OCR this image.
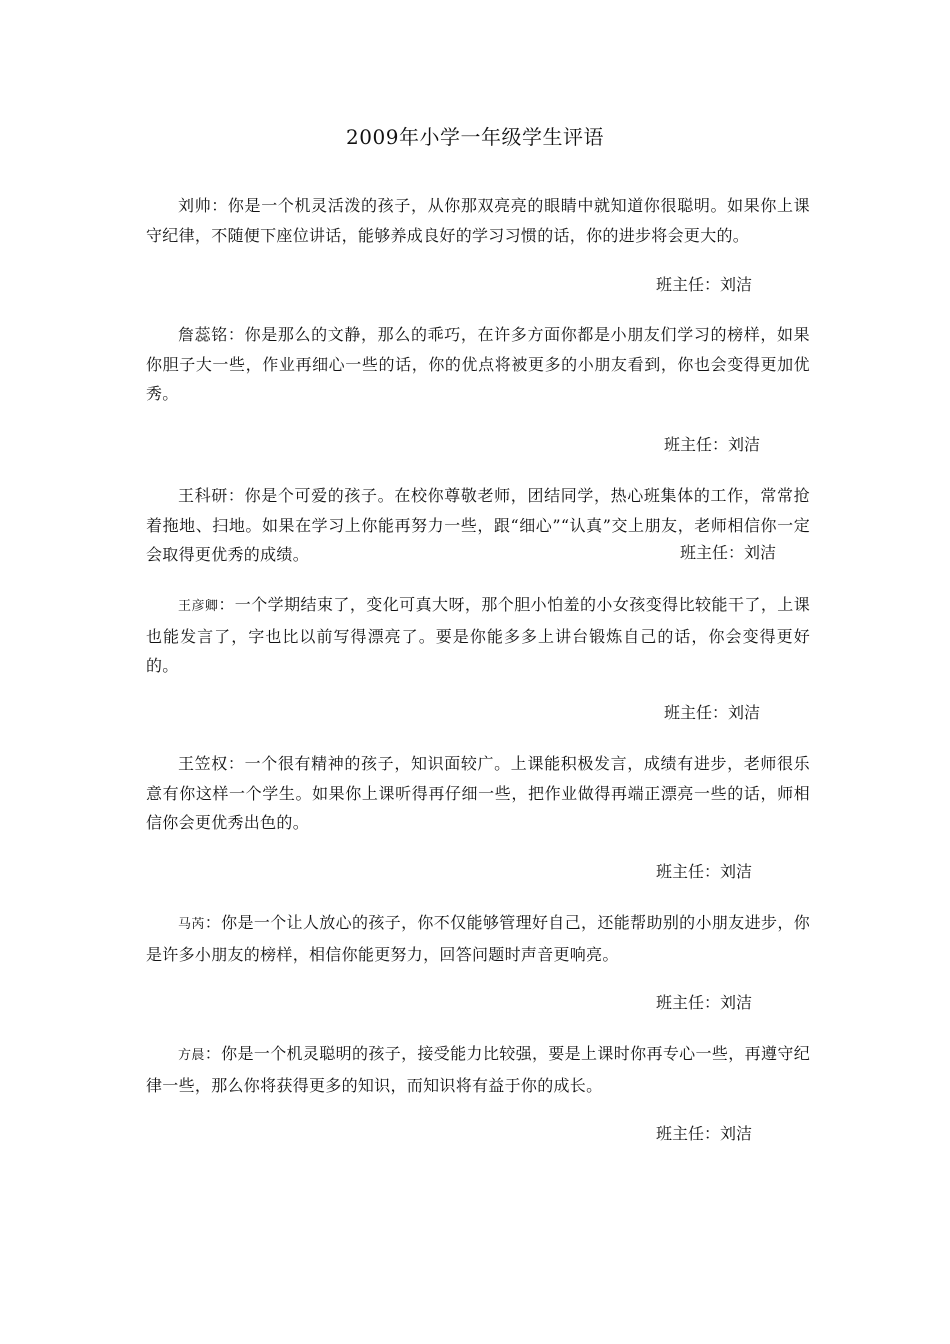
2009年小学一年级学生评语

刘帅：你是一个机灵活泼的孩子，从你那双亮亮的眼睛中就知道你很聪明。如果你上课守纪律，不随便下座位讲话，能够养成良好的学习习惯的话，你的进步将会更大的。

班主任：刘洁

詹蕊铭：你是那么的文静，那么的乖巧，在许多方面你都是小朋友们学习的榜样，如果你胆子大一些，作业再细心一些的话，你的优点将被更多的小朋友看到，你也会变得更加优秀。

班主任：刘洁

王科研：你是个可爱的孩子。在校你尊敬老师，团结同学，热心班集体的工作，常常抢着拖地、扫地。如果在学习上你能再努力一些，跟“细心”“认真”交上朋友，老师相信你一定会取得更优秀的成绩。	班主任：刘洁

王彦卿：一个学期结束了，变化可真大呀，那个胆小怕羞的小女孩变得比较能干了，上课也能发言了，字也比以前写得漂亮了。要是你能多多上讲台锻炼自己的话，你会变得更好的。

班主任：刘洁

王笠权：一个很有精神的孩子，知识面较广。上课能积极发言，成绩有进步，老师很乐意有你这样一个学生。如果你上课听得再仔细一些，把作业做得再端正漂亮一些的话，师相信你会更优秀出色的。

班主任：刘洁

马芮：你是一个让人放心的孩子，你不仅能够管理好自己，还能帮助别的小朋友进步，你是许多小朋友的榜样，相信你能更努力，回答问题时声音更响亮。

班主任：刘洁

方晨：你是一个机灵聪明的孩子，接受能力比较强，要是上课时你再专心一些，再遵守纪律一些，那么你将获得更多的知识，而知识将有益于你的成长。

班主任：刘洁
